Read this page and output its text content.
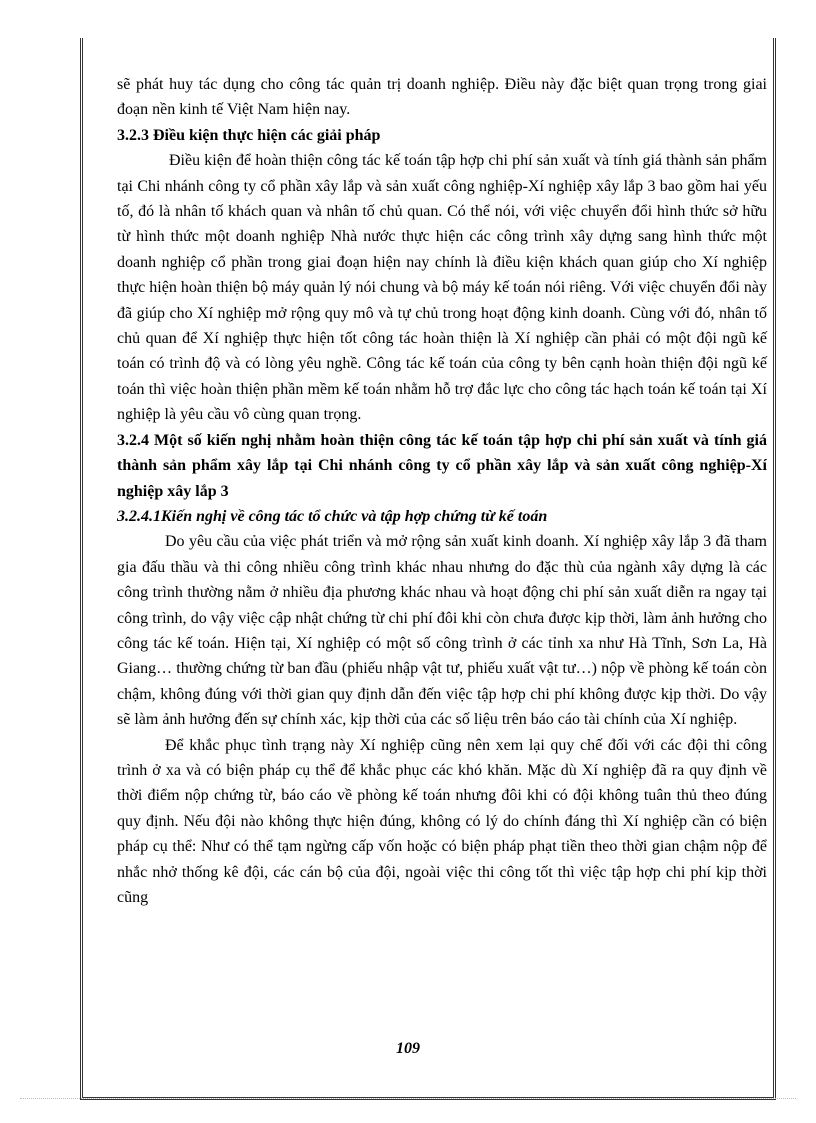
sẽ phát huy tác dụng cho công tác quản trị doanh nghiệp. Điều này đặc biệt quan trọng trong giai đoạn nền kinh tế Việt Nam hiện nay.

3.2.3 Điều kiện thực hiện các giải pháp

Điều kiện để hoàn thiện công tác kế toán tập hợp chi phí sản xuất và tính giá thành sản phẩm tại Chi nhánh công ty cổ phần xây lắp và sản xuất công nghiệp-Xí nghiệp xây lắp 3 bao gồm hai yếu tố, đó là nhân tố khách quan và nhân tố chủ quan. Có thể nói, với việc chuyển đổi hình thức sở hữu từ hình thức một doanh nghiệp Nhà nước thực hiện các công trình xây dựng sang hình thức một doanh nghiệp cổ phần trong giai đoạn hiện nay chính là điều kiện khách quan giúp cho Xí nghiệp thực hiện hoàn thiện bộ máy quản lý nói chung và bộ máy kế toán nói riêng. Với việc chuyển đổi này đã giúp cho Xí nghiệp mở rộng quy mô và tự chủ trong hoạt động kinh doanh. Cùng với đó, nhân tố chủ quan để Xí nghiệp thực hiện tốt công tác hoàn thiện là Xí nghiệp cần phải có một đội ngũ kế toán có trình độ và có lòng yêu nghề. Công tác kế toán của công ty bên cạnh hoàn thiện đội ngũ kế toán thì việc hoàn thiện phần mềm kế toán nhằm hỗ trợ đắc lực cho công tác hạch toán kế toán tại Xí nghiệp là yêu cầu vô cùng quan trọng.

3.2.4 Một số kiến nghị nhằm hoàn thiện công tác kế toán tập hợp chi phí sản xuất và tính giá thành sản phẩm xây lắp tại Chi nhánh công ty cổ phần xây lắp và sản xuất công nghiệp-Xí nghiệp xây lắp 3

3.2.4.1Kiến nghị về công tác tổ chức và tập hợp chứng từ kế toán

Do yêu cầu của việc phát triển và mở rộng sản xuất kinh doanh. Xí nghiệp xây lắp 3 đã tham gia đấu thầu và thi công nhiều công trình khác nhau nhưng do đặc thù của ngành xây dựng là các công trình thường nằm ở nhiều địa phương khác nhau và hoạt động chi phí sản xuất diễn ra ngay tại công trình, do vậy việc cập nhật chứng từ chi phí đôi khi còn chưa được kịp thời, làm ảnh hưởng cho công tác kế toán. Hiện tại, Xí nghiệp có một số công trình ở các tỉnh xa như Hà Tĩnh, Sơn La, Hà Giang… thường chứng từ ban đầu (phiếu nhập vật tư, phiếu xuất vật tư…) nộp về phòng kế toán còn chậm, không đúng với thời gian quy định dẫn đến việc tập hợp chi phí không được kịp thời. Do vậy sẽ làm ảnh hưởng đến sự chính xác, kịp thời của các số liệu trên báo cáo tài chính của Xí nghiệp.

Để khắc phục tình trạng này Xí nghiệp cũng nên xem lại quy chế đối với các đội thi công trình ở xa và có biện pháp cụ thể để khắc phục các khó khăn. Mặc dù Xí nghiệp đã ra quy định về thời điểm nộp chứng từ, báo cáo về phòng kế toán nhưng đôi khi có đội không tuân thủ theo đúng quy định. Nếu đội nào không thực hiện đúng, không có lý do chính đáng thì Xí nghiệp cần có biện pháp cụ thể: Như có thể tạm ngừng cấp vốn hoặc có biện pháp phạt tiền theo thời gian chậm nộp để nhắc nhở thống kê đội, các cán bộ của đội, ngoài việc thi công tốt thì việc tập hợp chi phí kịp thời cũng

109
